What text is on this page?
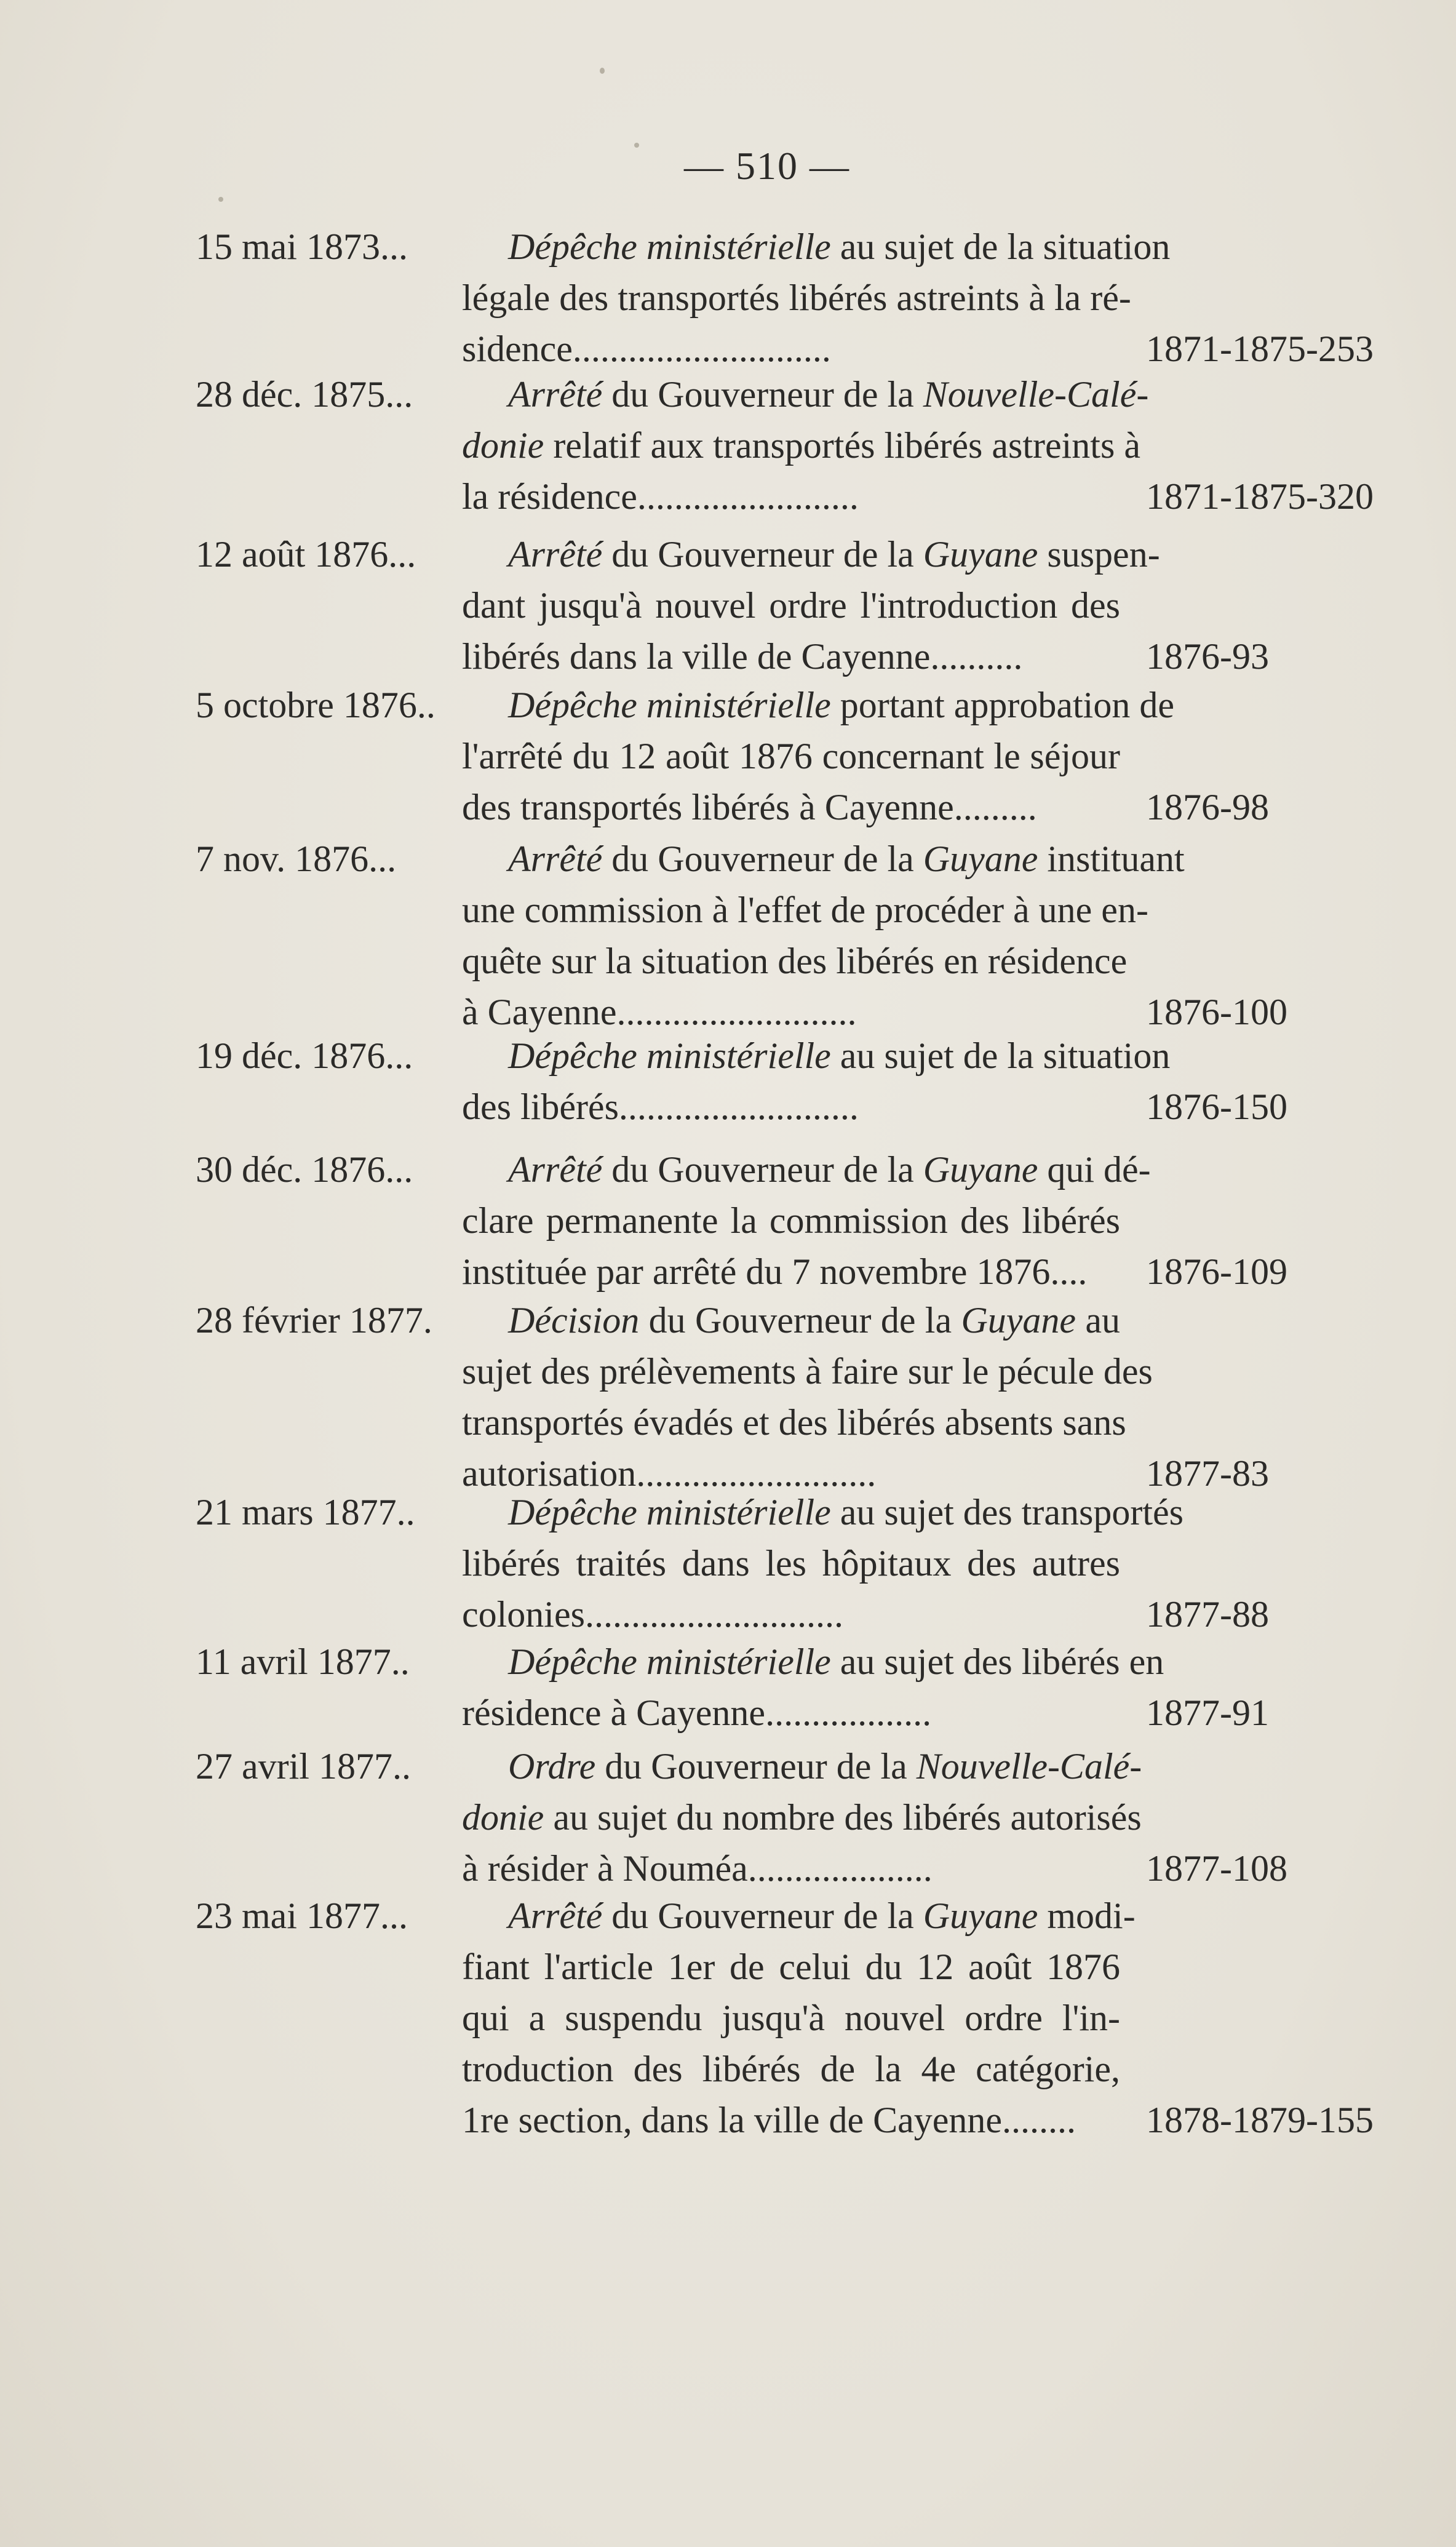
— 510 —
15 mai 1873...	Dépêche ministérielle au sujet de la situation
légale des transportés libérés astreints à la ré-
sidence............................	1871-1875-253
28 déc. 1875...	Arrêté du Gouverneur de la Nouvelle-Calé-
donie relatif aux transportés libérés astreints à
la résidence........................	1871-1875-320
12 août 1876...	Arrêté du Gouverneur de la Guyane suspen-
dant jusqu'à nouvel ordre l'introduction des
libérés dans la ville de Cayenne..........	1876-93
5 octobre 1876..	Dépêche ministérielle portant approbation de
l'arrêté du 12 août 1876 concernant le séjour
des transportés libérés à Cayenne.........	1876-98
7 nov. 1876...	Arrêté du Gouverneur de la Guyane instituant
une commission à l'effet de procéder à une en-
quête sur la situation des libérés en résidence
à Cayenne..........................	1876-100
19 déc. 1876...	Dépêche ministérielle au sujet de la situation
des libérés..........................	1876-150
30 déc. 1876...	Arrêté du Gouverneur de la Guyane qui dé-
clare permanente la commission des libérés
instituée par arrêté du 7 novembre 1876....	1876-109
28 février 1877.	Décision du Gouverneur de la Guyane au
sujet des prélèvements à faire sur le pécule des
transportés évadés et des libérés absents sans
autorisation..........................	1877-83
21 mars 1877..	Dépêche ministérielle au sujet des transportés
libérés traités dans les hôpitaux des autres
colonies............................	1877-88
11 avril 1877..	Dépêche ministérielle au sujet des libérés en
résidence à Cayenne..................	1877-91
27 avril 1877..	Ordre du Gouverneur de la Nouvelle-Calé-
donie au sujet du nombre des libérés autorisés
à résider à Nouméa....................	1877-108
23 mai 1877...	Arrêté du Gouverneur de la Guyane modi-
fiant l'article 1er de celui du 12 août 1876
qui a suspendu jusqu'à nouvel ordre l'in-
troduction des libérés de la 4e catégorie,
1re section, dans la ville de Cayenne........	1878-1879-155
